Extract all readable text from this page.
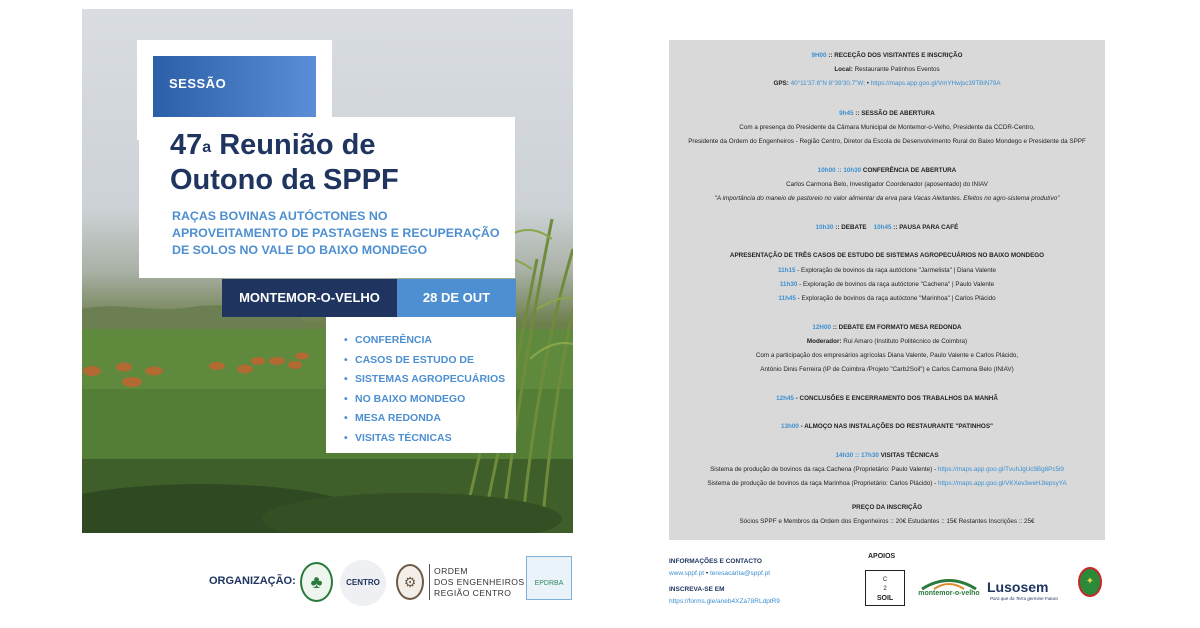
SESSÃO
47$^a$ Reunião de
Outono da SPPF
RAÇAS BOVINAS AUTÓCTONES NO
APROVEITAMENTO DE PASTAGENS E RECUPERAÇÃO
DE SOLOS NO VALE DO BAIXO MONDEGO
MONTEMOR-O-VELHO	28 DE OUT
• CONFERÊNCIA
• CASOS DE ESTUDO DE
• SISTEMAS AGROPECUÁRIOS
• NO BAIXO MONDEGO
• MESA REDONDA
• VISITAS TÉCNICAS
ORGANIZAÇÃO: ♣	CENTRO	⚙
ORDEM
DOS ENGENHEIROS
REGIÃO CENTRO
EPDRBA
9H00 :: RECEÇÃO DOS VISITANTES E INSCRIÇÃO
Local: Restaurante Patinhos Eventos
GPS: 40°11'37.6"N 8°39'30.7"W; • https://maps.app.goo.gl/VmYHwjsc39TBiN79A
9h45 :: SESSÃO DE ABERTURA
Com a presença do Presidente da Câmara Municipal de Montemor-o-Velho, Presidente da CCDR-Centro,
Presidente da Ordem do Engenheiros - Região Centro, Diretor da Escola de Desenvolvimento Rural do Baixo Mondego e Presidente da SPPF
10h00 :: 10h30 CONFERÊNCIA DE ABERTURA
Carlos Carmona Belo, Investigador Coordenador (aposentado) do INIAV
"A importância do maneio de pastoreio no valor alimentar da erva para Vacas Aleitantes. Efeitos no agro-sistema produtivo"
10h30 :: DEBATE 10h45 :: PAUSA PARA CAFÉ
APRESENTAÇÃO DE TRÊS CASOS DE ESTUDO DE SISTEMAS AGROPECUÁRIOS NO BAIXO MONDEGO
11h15 - Exploração de bovinos da raça autóctone "Jarmelista" | Diana Valente
11h30 - Exploração de bovinos da raça autóctone "Cachena" | Paulo Valente
11h45 - Exploração de bovinos da raça autóctone "Marinhoa" | Carlos Plácido
12H00 :: DEBATE EM FORMATO MESA REDONDA
Moderador: Rui Amaro (Instituto Politécnico de Coimbra)
Com a participação dos empresários agrícolas Diana Valente, Paulo Valente e Carlos Plácido,
António Dinis Ferreira (IP de Coimbra /Projeto "Carb2Soil") e Carlos Carmona Belo (INIAV)
12h45 - CONCLUSÕES E ENCERRAMENTO DOS TRABALHOS DA MANHÃ
13h00 - ALMOÇO NAS INSTALAÇÕES DO RESTAURANTE "PATINHOS"
14h30 :: 17h30 VISITAS TÉCNICAS
Sistema de produção de bovinos da raça Cachena (Proprietário: Paulo Valente) - https://maps.app.goo.gl/TvuhJgUc9Bg8Pc5i9
Sistema de produção de bovinos da raça Marinhoa (Proprietário: Carlos Plácido) - https://maps.app.goo.gl/VKXev3weHJtepsyYA
PREÇO DA INSCRIÇÃO
Sócios SPPF e Membros da Ordem dos Engenheiros :: 20€ Estudantes :: 15€ Restantes Inscrições :: 25€
INFORMAÇÕES E CONTACTO
www.sppf.pt • teresacarita@sppf.pt
INSCREVA-SE EM
https://forms.gle/aneb4XZa78RLdptR9
APOIOS
C
2
SOIL
montemor-o-velho Lusosem
Para que da Terra germine Futuro
✦
